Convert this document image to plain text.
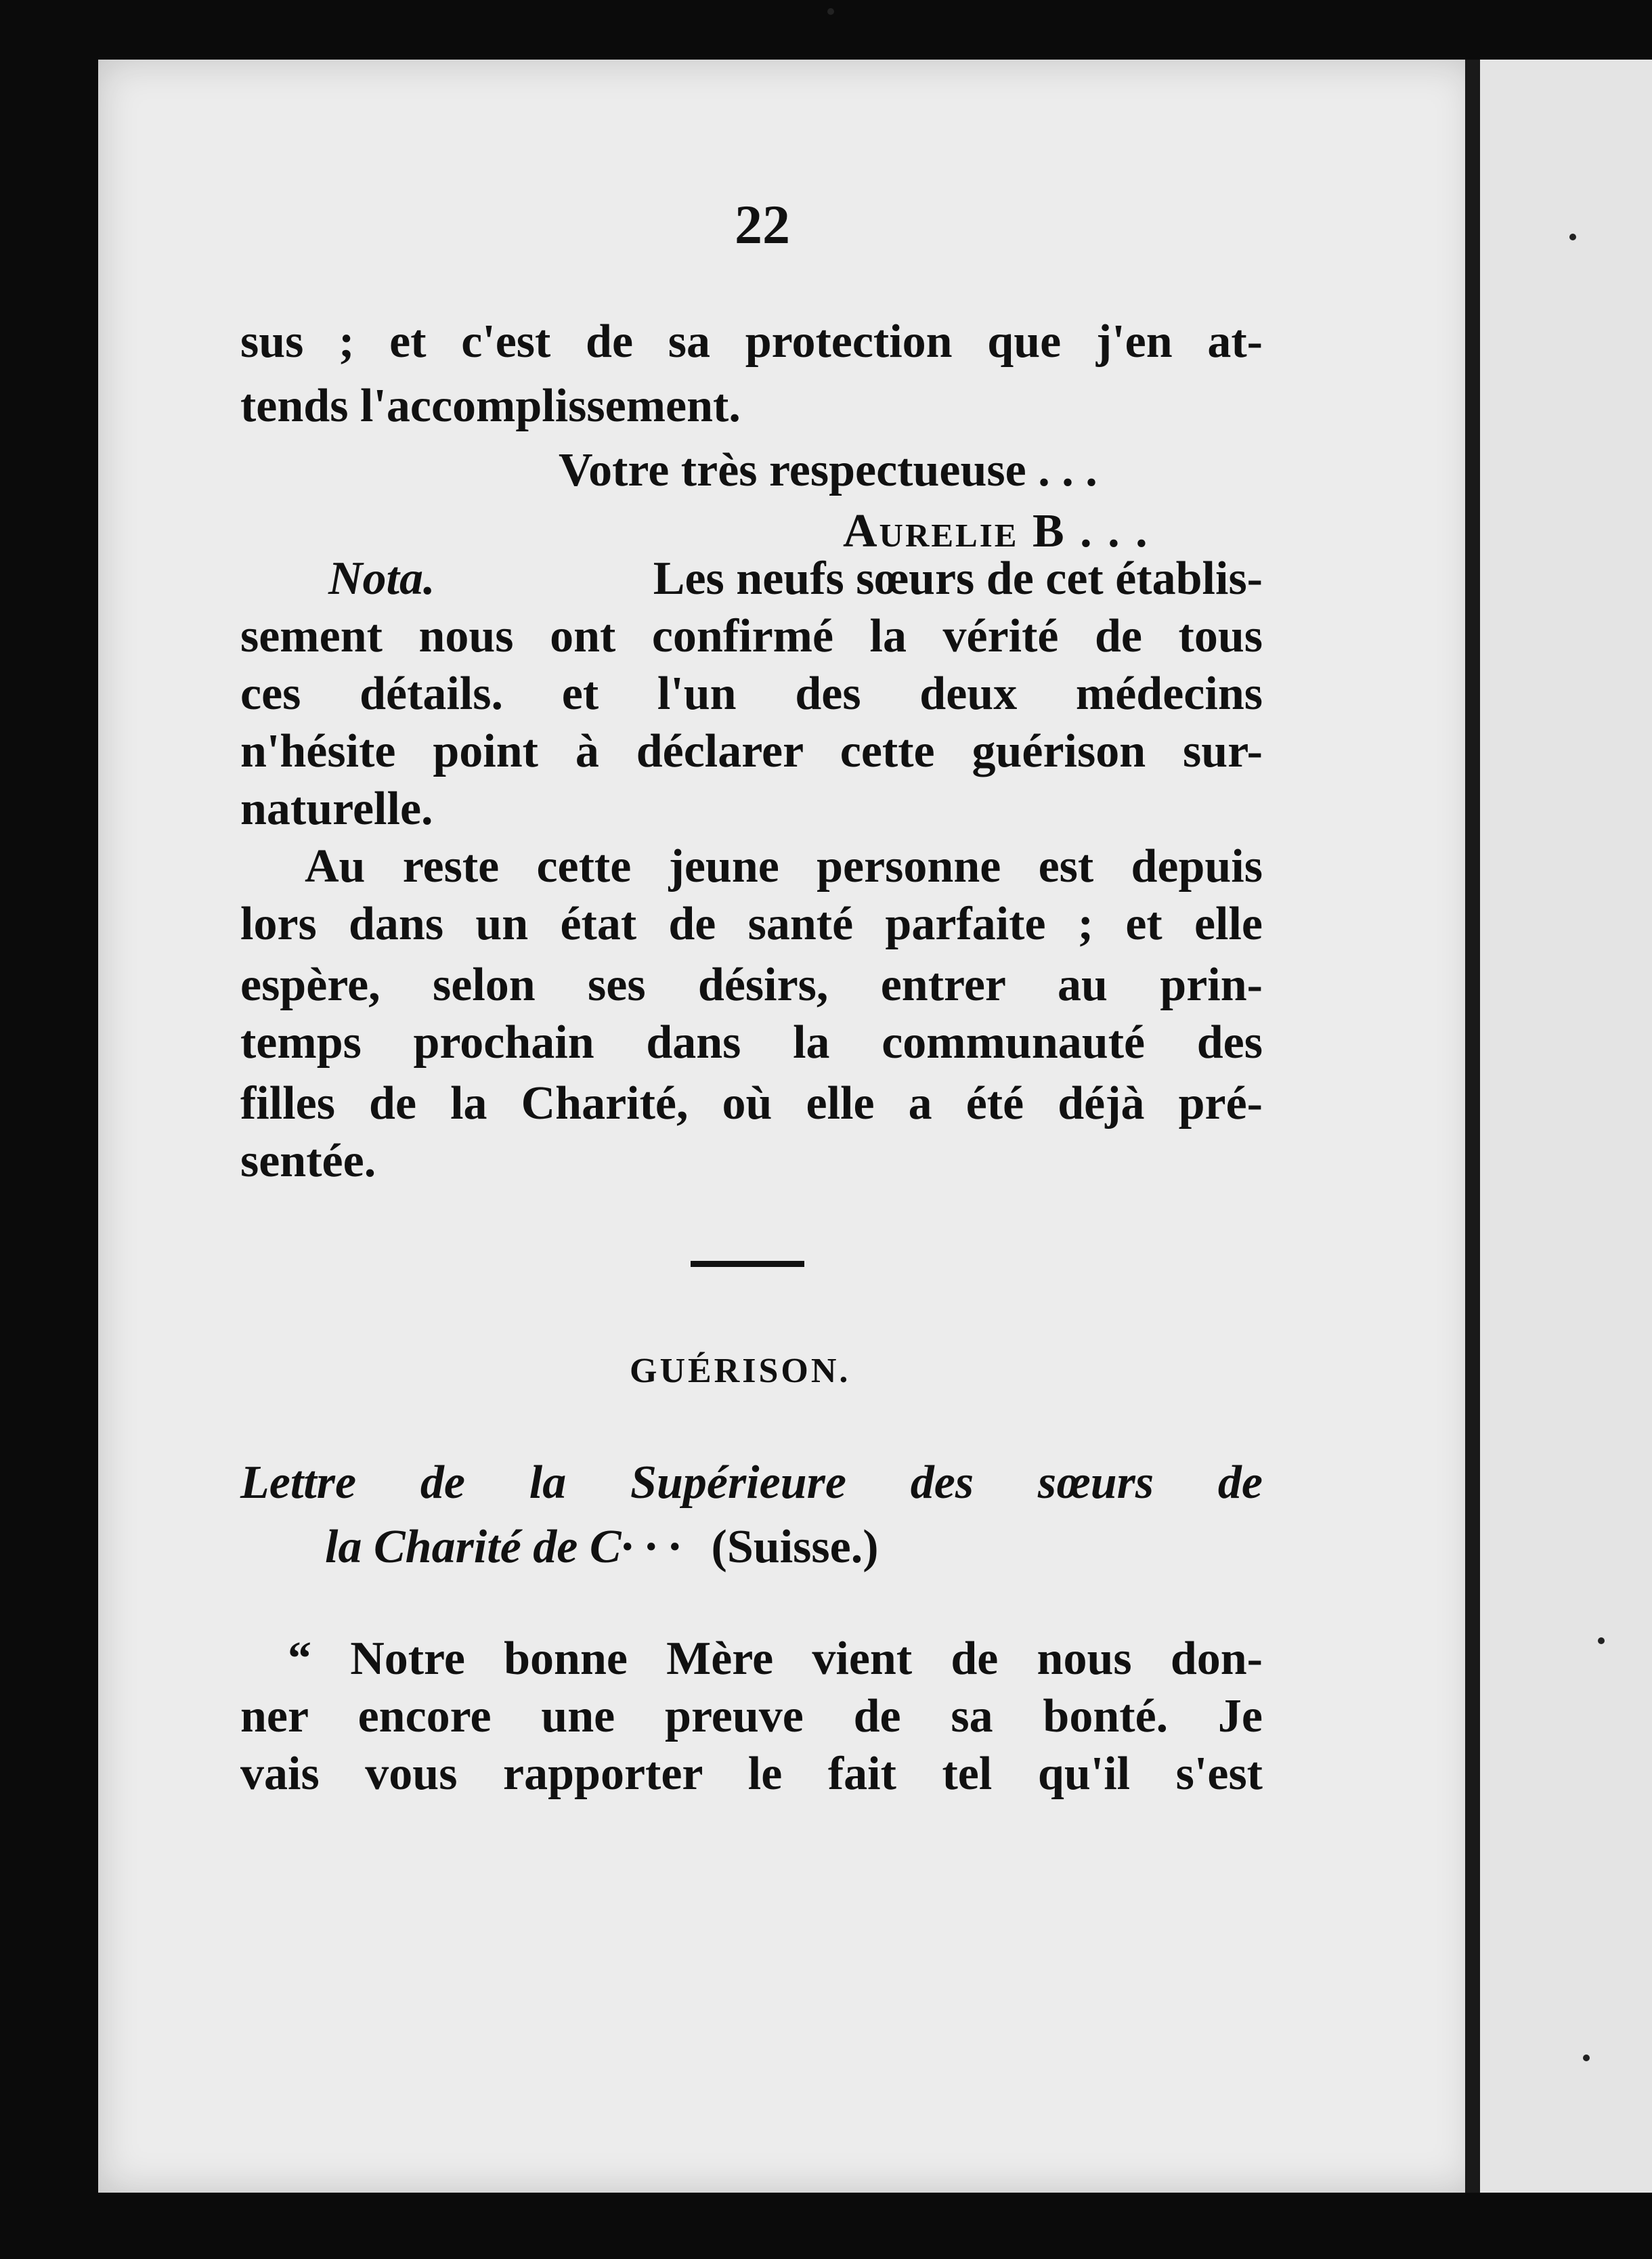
22
sus ; et c'est de sa protection que j'en at-
tends l'accomplissement.
Votre très respectueuse . . .
Aurelie B . . .
Nota.	Les neufs sœurs de cet établis-
sement nous ont confirmé la vérité de tous
ces détails. et l'un des deux médecins
n'hésite point à déclarer cette guérison sur-
naturelle.
Au reste cette jeune personne est depuis
lors dans un état de santé parfaite ; et elle
espère, selon ses désirs, entrer au prin-
temps prochain dans la communauté des
filles de la Charité, où elle a été déjà pré-
sentée.
GUÉRISON.
Lettre de la Supérieure des sœurs de
la Charité de C· · · (Suisse.)
“ Notre bonne Mère vient de nous don-
ner encore une preuve de sa bonté. Je
vais vous rapporter le fait tel qu'il s'est
